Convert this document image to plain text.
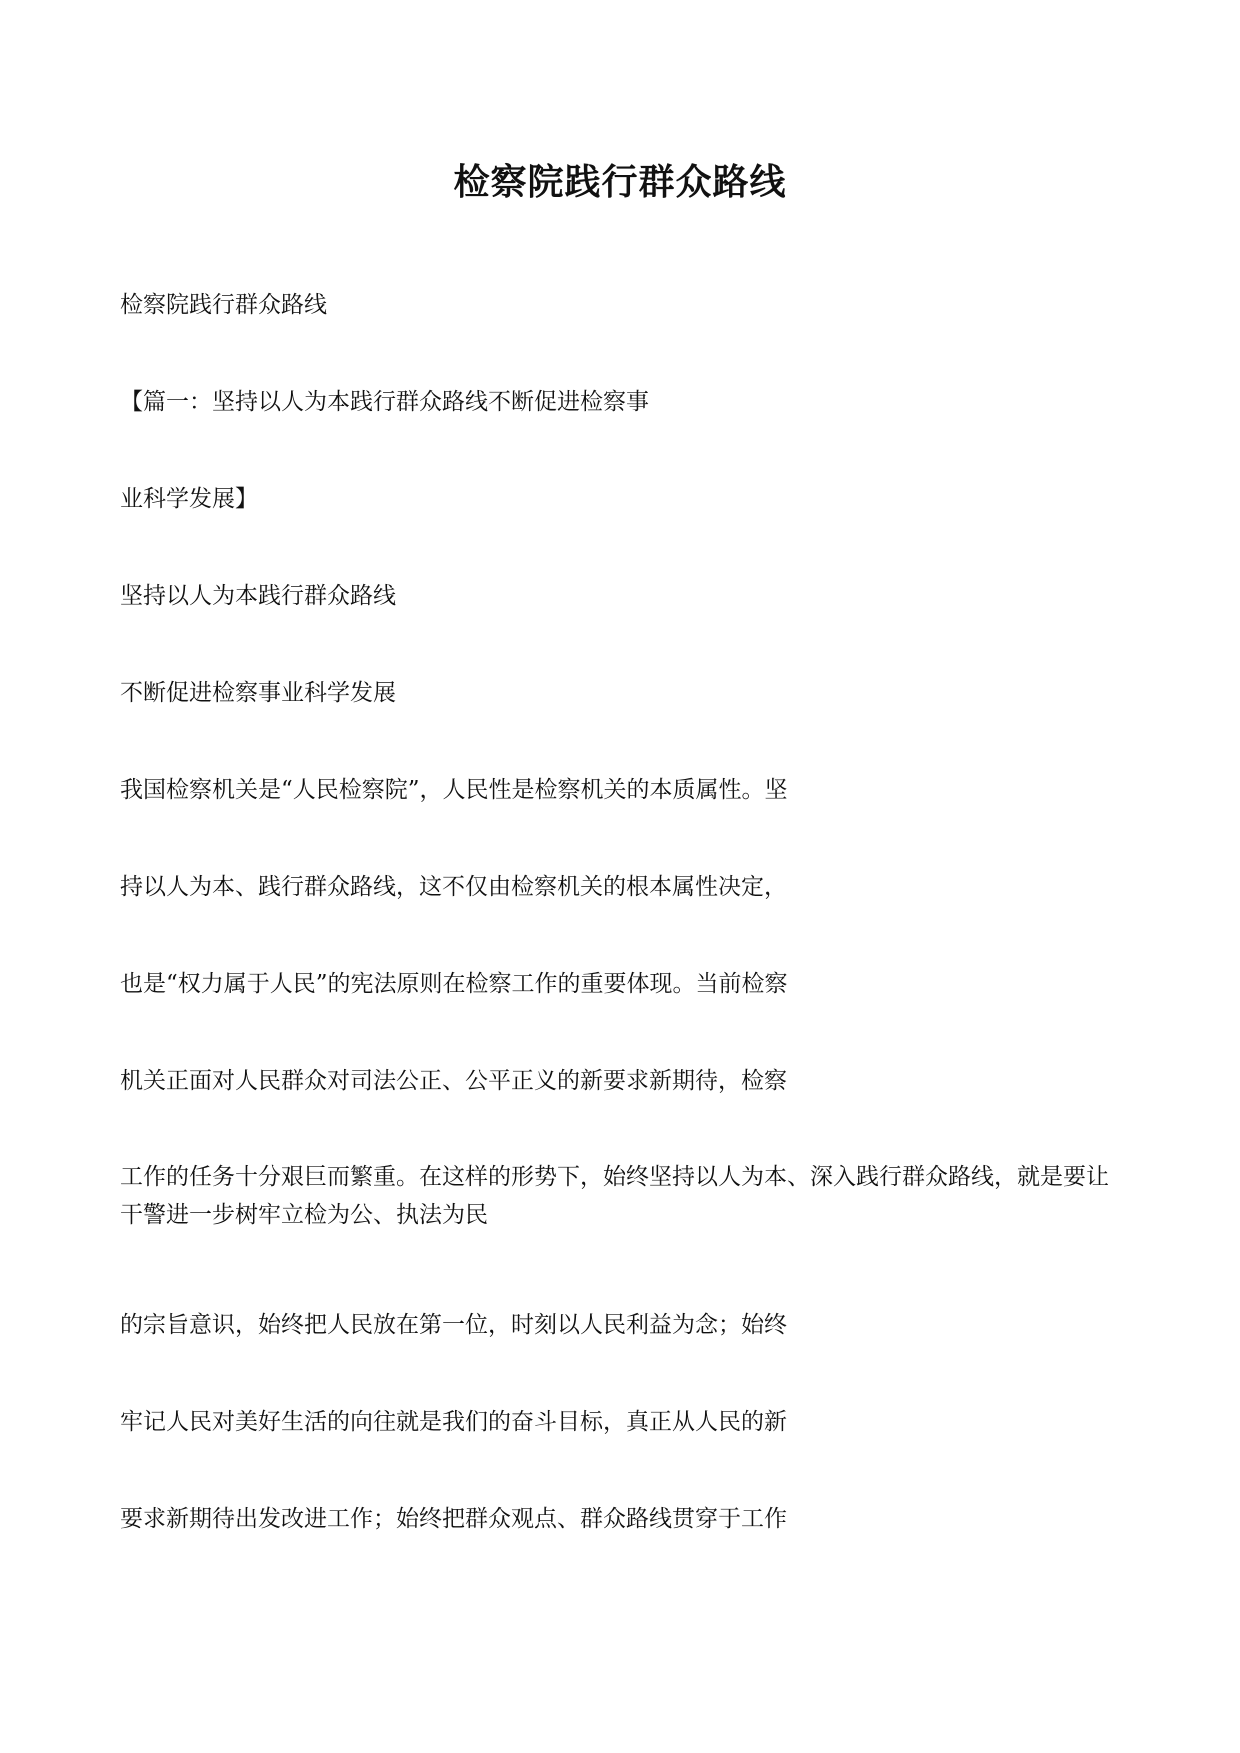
检察院践行群众路线
检察院践行群众路线
【篇一：坚持以人为本践行群众路线不断促进检察事
业科学发展】
坚持以人为本践行群众路线
不断促进检察事业科学发展
我国检察机关是“人民检察院”，人民性是检察机关的本质属性。坚
持以人为本、践行群众路线，这不仅由检察机关的根本属性决定，
也是“权力属于人民”的宪法原则在检察工作的重要体现。当前检察
机关正面对人民群众对司法公正、公平正义的新要求新期待，检察
工作的任务十分艰巨而繁重。在这样的形势下，始终坚持以人为本、深入践行群众路线，就是要让干警进一步树牢立检为公、执法为民
的宗旨意识，始终把人民放在第一位，时刻以人民利益为念；始终
牢记人民对美好生活的向往就是我们的奋斗目标，真正从人民的新
要求新期待出发改进工作；始终把群众观点、群众路线贯穿于工作
